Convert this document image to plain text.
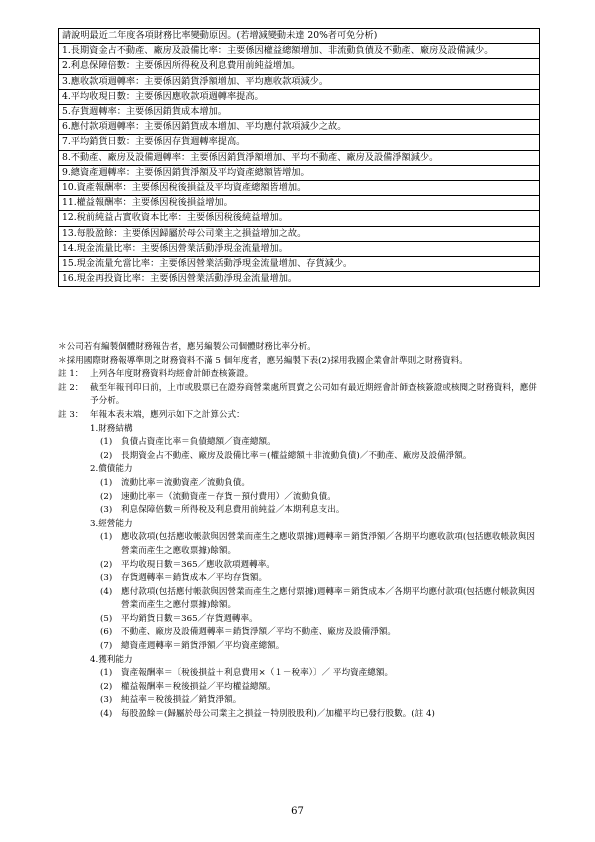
請說明最近二年度各項財務比率變動原因。(若增減變動未達 20%者可免分析)
1.長期資金占不動產、廠房及設備比率：主要係因權益總額增加、非流動負債及不動產、廠房及設備減少。
2.利息保障倍數：主要係因所得稅及利息費用前純益增加。
3.應收款項週轉率：主要係因銷貨淨額增加、平均應收款項減少。
4.平均收現日數：主要係因應收款項週轉率提高。
5.存貨週轉率：主要係因銷貨成本增加。
6.應付款項週轉率：主要係因銷貨成本增加、平均應付款項減少之故。
7.平均銷貨日數：主要係因存貨週轉率提高。
8.不動產、廠房及設備週轉率：主要係因銷貨淨額增加、平均不動產、廠房及設備淨額減少。
9.總資產週轉率：主要係因銷貨淨額及平均資產總額皆增加。
10.資產報酬率：主要係因稅後損益及平均資產總額皆增加。
11.權益報酬率：主要係因稅後損益增加。
12.稅前純益占實收資本比率：主要係因稅後純益增加。
13.每股盈餘：主要係因歸屬於母公司業主之損益增加之故。
14.現金流量比率：主要係因營業活動淨現金流量增加。
15.現金流量允當比率：主要係因營業活動淨現金流量增加、存貨減少。
16.現金再投資比率：主要係因營業活動淨現金流量增加。
＊公司若有編製個體財務報告者，應另編製公司個體財務比率分析。
＊採用國際財務報導準則之財務資料不滿 5 個年度者，應另編製下表(2)採用我國企業會計準則之財務資料。
註 1： 上列各年度財務資料均經會計師查核簽證。
註 2： 截至年報刊印日前，上市或股票已在證券商營業處所買賣之公司如有最近期經會計師查核簽證或核閱之財務資料，應併予分析。
註 3： 年報本表末端，應列示如下之計算公式：
1.財務結構
(1)	負債占資產比率＝負債總額／資產總額。
(2)	長期資金占不動產、廠房及設備比率＝(權益總額＋非流動負債)／不動產、廠房及設備淨額。
2.償債能力
(1)	流動比率＝流動資產／流動負債。
(2)	速動比率＝（流動資產－存貨－預付費用）／流動負債。
(3)	利息保障倍數＝所得稅及利息費用前純益／本期利息支出。
3.經營能力
(1)	應收款項(包括應收帳款與因營業而產生之應收票據)週轉率＝銷貨淨額／各期平均應收款項(包括應收帳款與因營業而產生之應收票據)餘額。
(2)	平均收現日數＝365／應收款項週轉率。
(3)	存貨週轉率＝銷貨成本／平均存貨額。
(4)	應付款項(包括應付帳款與因營業而產生之應付票據)週轉率＝銷貨成本／各期平均應付款項(包括應付帳款與因營業而產生之應付票據)餘額。
(5)	平均銷貨日數＝365／存貨週轉率。
(6)	不動產、廠房及設備週轉率＝銷貨淨額／平均不動產、廠房及設備淨額。
(7)	總資產週轉率＝銷貨淨額／平均資產總額。
4.獲利能力
(1)	資產報酬率＝〔稅後損益＋利息費用×（１－稅率）〕／ 平均資產總額。
(2)	權益報酬率＝稅後損益／平均權益總額。
(3)	純益率＝稅後損益／銷貨淨額。
(4)	每股盈餘＝(歸屬於母公司業主之損益－特別股股利)／加權平均已發行股數。(註 4)
67
